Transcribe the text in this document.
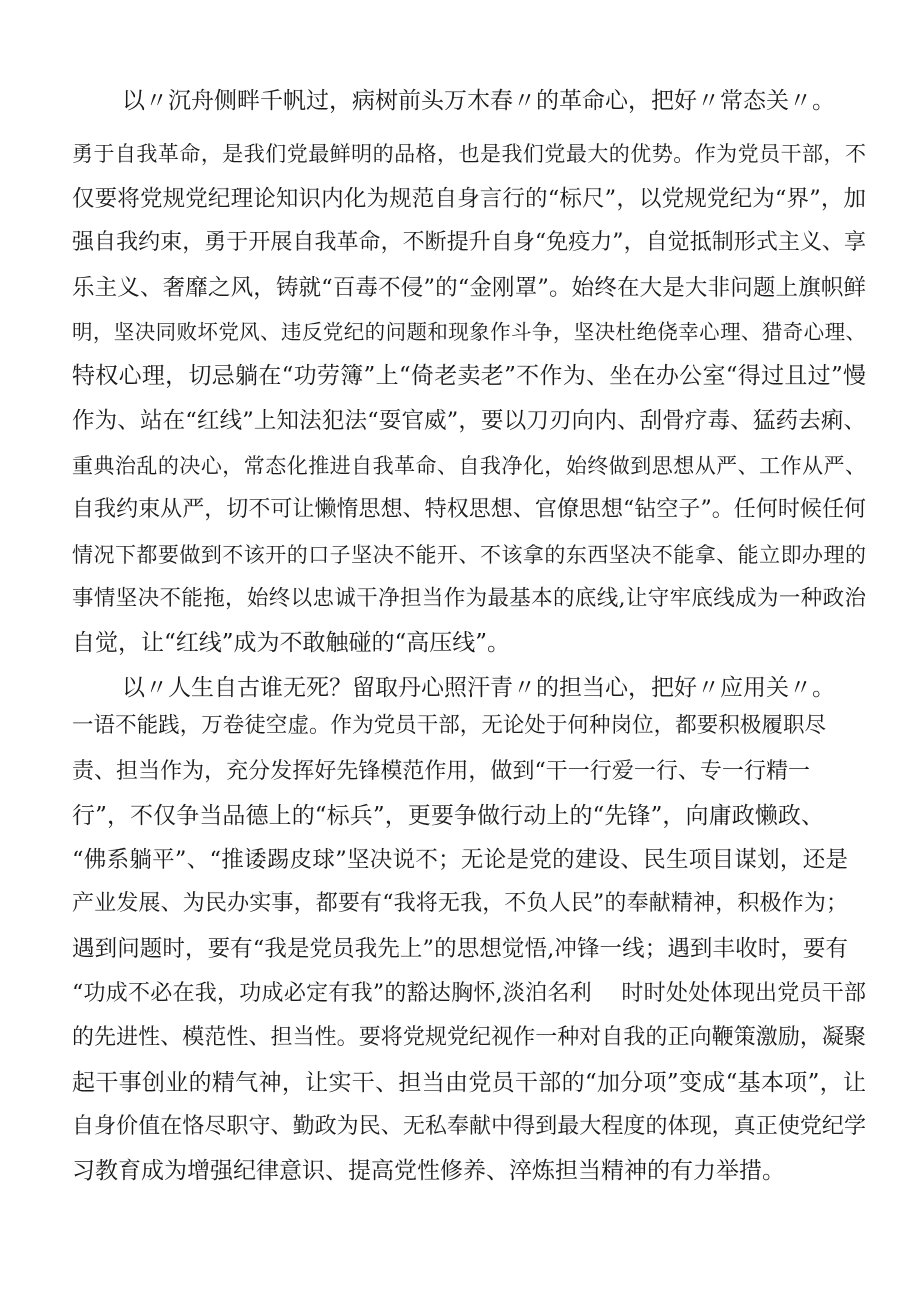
以〃沉舟侧畔千帆过，病树前头万木春〃的革命心，把好〃常态关〃。
勇于自我革命，是我们党最鲜明的品格，也是我们党最大的优势。作为党员干部，不
仅要将党规党纪理论知识内化为规范自身言行的“标尺”，以党规党纪为“界”，加
强自我约束，勇于开展自我革命，不断提升自身“免疫力”，自觉抵制形式主义、享
乐主义、奢靡之风，铸就“百毒不侵”的“金刚罩”。始终在大是大非问题上旗帜鲜
明，坚决同败坏党风、违反党纪的问题和现象作斗争，坚决杜绝侥幸心理、猎奇心理、
特权心理，切忌躺在“功劳簿”上“倚老卖老”不作为、坐在办公室“得过且过”慢
作为、站在“红线”上知法犯法“耍官威”，要以刀刃向内、刮骨疗毒、猛药去痢、
重典治乱的决心，常态化推进自我革命、自我净化，始终做到思想从严、工作从严、
自我约束从严，切不可让懒惰思想、特权思想、官僚思想“钻空子”。任何时候任何
情况下都要做到不该开的口子坚决不能开、不该拿的东西坚决不能拿、能立即办理的
事情坚决不能拖，始终以忠诚干净担当作为最基本的底线,让守牢底线成为一种政治
自觉，让“红线”成为不敢触碰的“高压线”。
以〃人生自古谁无死？留取丹心照汗青〃的担当心，把好〃应用关〃。
一语不能践，万卷徒空虚。作为党员干部，无论处于何种岗位，都要积极履职尽
责、担当作为，充分发挥好先锋模范作用，做到“干一行爱一行、专一行精一
行”，不仅争当品德上的“标兵”，更要争做行动上的“先锋”，向庸政懒政、
“佛系躺平”、“推诿踢皮球”坚决说不；无论是党的建设、民生项目谋划，还是
产业发展、为民办实事，都要有“我将无我，不负人民”的奉献精神，积极作为；
遇到问题时，要有“我是党员我先上”的思想觉悟,冲锋一线；遇到丰收时，要有
“功成不必在我，功成必定有我”的豁达胸怀,淡泊名利　 时时处处体现出党员干部
的先进性、模范性、担当性。要将党规党纪视作一种对自我的正向鞭策激励，凝聚
起干事创业的精气神，让实干、担当由党员干部的“加分项”变成“基本项”，让
自身价值在恪尽职守、勤政为民、无私奉献中得到最大程度的体现，真正使党纪学
习教育成为增强纪律意识、提高党性修养、淬炼担当精神的有力举措。
